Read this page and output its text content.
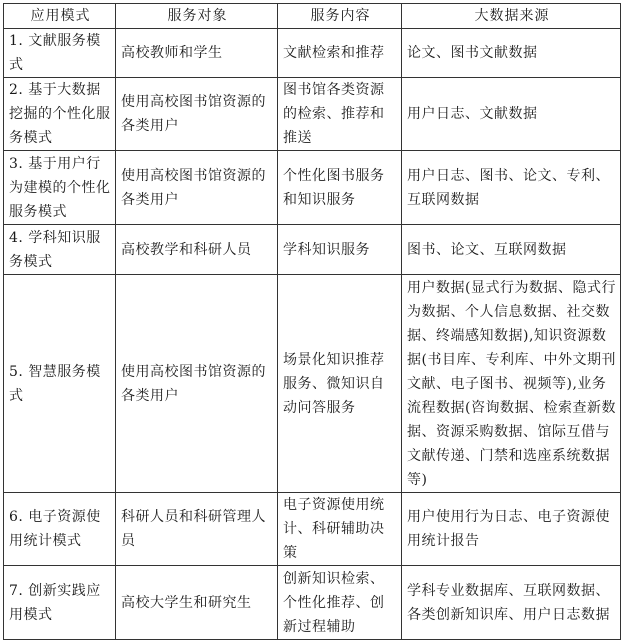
应用模式	服务对象	服务内容	大数据来源
1. 文献服务模式	高校教师和学生	文献检索和推荐	论文、图书文献数据
2. 基于大数据挖掘的个性化服务模式	使用高校图书馆资源的各类用户	图书馆各类资源的检索、推荐和推送	用户日志、文献数据
3. 基于用户行为建模的个性化服务模式	使用高校图书馆资源的各类用户	个性化图书服务和知识服务	用户日志、图书、论文、专利、互联网数据
4. 学科知识服务模式	高校教学和科研人员	学科知识服务	图书、论文、互联网数据
5. 智慧服务模式	使用高校图书馆资源的各类用户	场景化知识推荐服务、微知识自动问答服务	用户数据(显式行为数据、隐式行为数据、个人信息数据、社交数据、终端感知数据),知识资源数据(书目库、专利库、中外文期刊文献、电子图书、视频等),业务流程数据(咨询数据、检索查新数据、资源采购数据、馆际互借与文献传递、门禁和选座系统数据等)
6. 电子资源使用统计模式	科研人员和科研管理人员	电子资源使用统计、科研辅助决策	用户使用行为日志、电子资源使用统计报告
7. 创新实践应用模式	高校大学生和研究生	创新知识检索、个性化推荐、创新过程辅助	学科专业数据库、互联网数据、各类创新知识库、用户日志数据
